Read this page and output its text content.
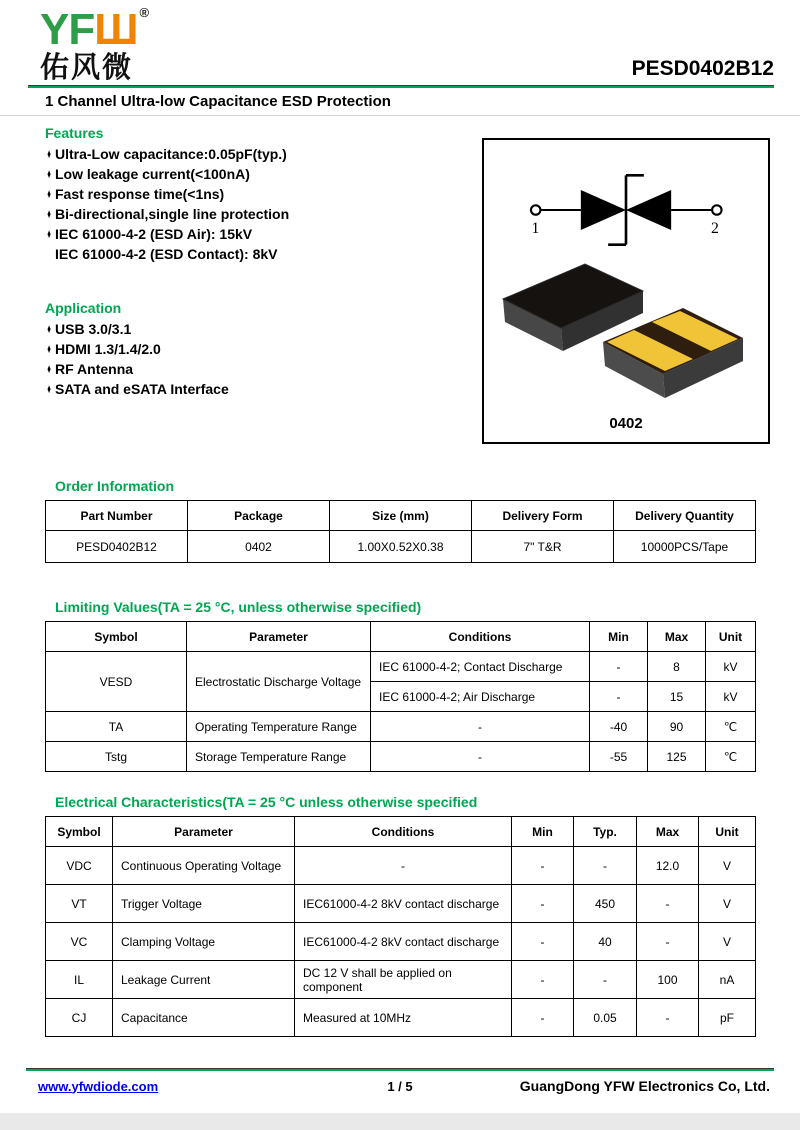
YF Ш ®
佑风微	PESD0402B12
1 Channel Ultra-low Capacitance ESD Protection
Features
♦ Ultra-Low capacitance:0.05pF(typ.)
♦ Low leakage current(<100nA)
♦ Fast response time(<1ns)
♦ Bi-directional,single line protection
♦ IEC 61000-4-2 (ESD Air): 15kV
IEC 61000-4-2 (ESD Contact): 8kV
Application
♦ USB 3.0/3.1
♦ HDMI 1.3/1.4/2.0
♦ RF Antenna
♦ SATA and eSATA Interface
1	2
0402
Order Information
Part Number	Package	Size (mm)	Delivery Form	Delivery Quantity
PESD0402B12	0402	1.00X0.52X0.38	7" T&R	10000PCS/Tape
Limiting Values(TA = 25 °C, unless otherwise specified)
Symbol	Parameter	Conditions	Min	Max	Unit
VESD	Electrostatic Discharge Voltage	IEC 61000-4-2; Contact Discharge	-	8	kV
		IEC 61000-4-2; Air Discharge	-	15	kV
TA	Operating Temperature Range	-	-40	90	℃
Tstg	Storage Temperature Range	-	-55	125	℃
Electrical Characteristics(TA = 25 °C unless otherwise specified
Symbol	Parameter	Conditions	Min	Typ.	Max	Unit
VDC	Continuous Operating Voltage	-	-	-	12.0	V
VT	Trigger Voltage	IEC61000-4-2 8kV contact discharge	-	450	-	V
VC	Clamping Voltage	IEC61000-4-2 8kV contact discharge	-	40	-	V
IL	Leakage Current	DC 12 V shall be applied on component	-	-	100	nA
CJ	Capacitance	Measured at 10MHz	-	0.05	-	pF
www.yfwdiode.com	1 / 5	GuangDong YFW Electronics Co, Ltd.
